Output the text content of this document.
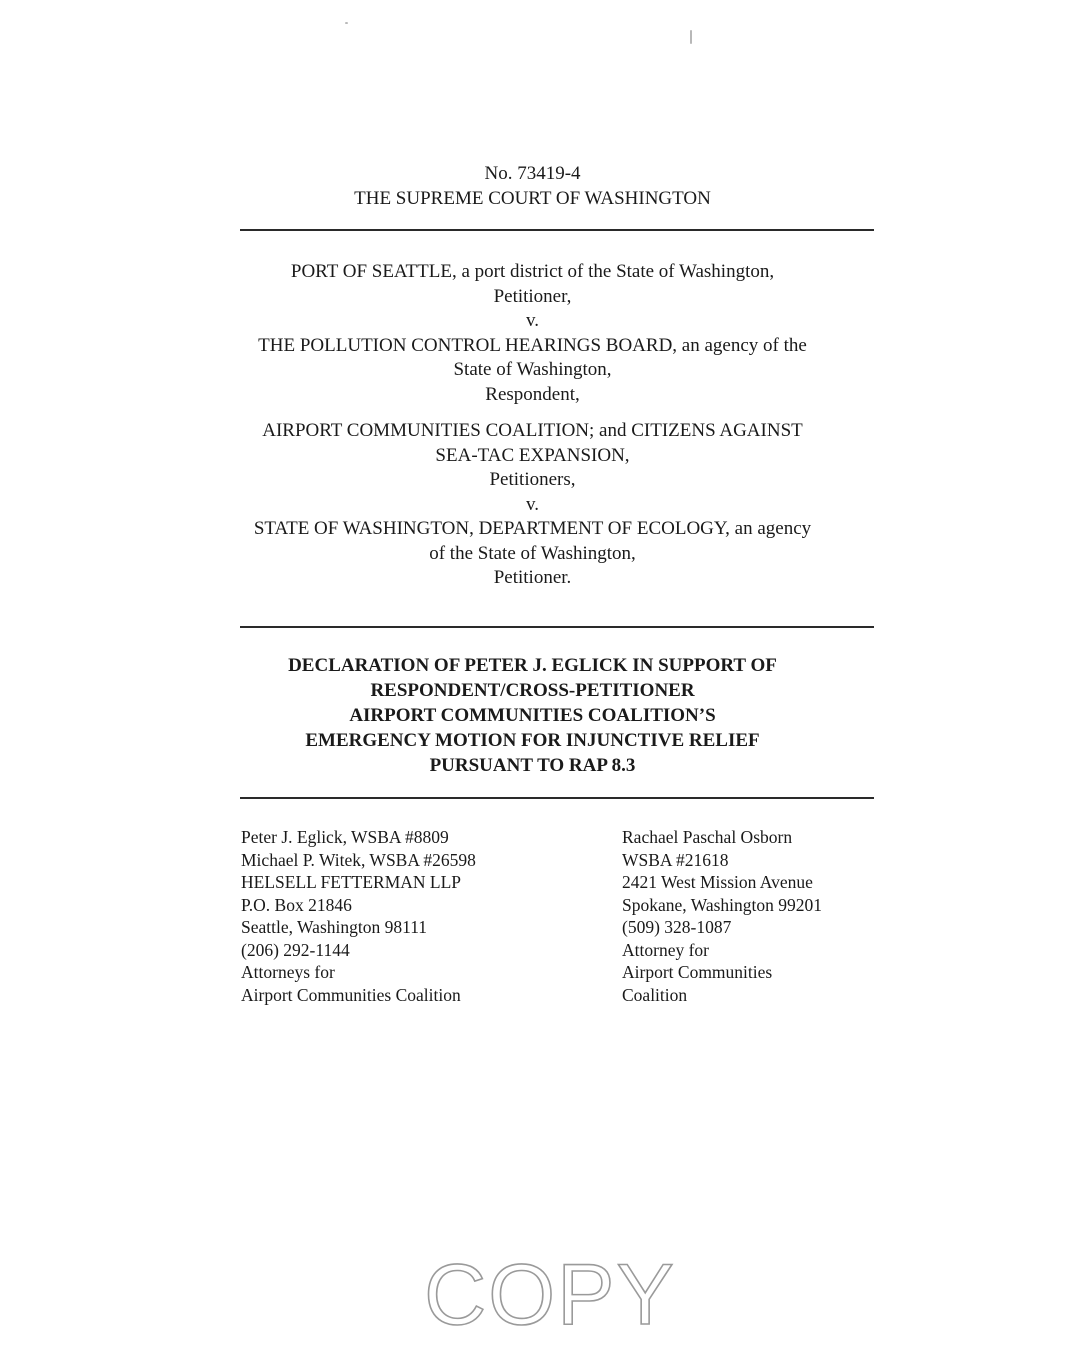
No. 73419-4
THE SUPREME COURT OF WASHINGTON
PORT OF SEATTLE, a port district of the State of Washington,
Petitioner,
v.
THE POLLUTION CONTROL HEARINGS BOARD, an agency of the
State of Washington,
Respondent,
AIRPORT COMMUNITIES COALITION; and CITIZENS AGAINST
SEA-TAC EXPANSION,
Petitioners,
v.
STATE OF WASHINGTON, DEPARTMENT OF ECOLOGY, an agency
of the State of Washington,
Petitioner.
DECLARATION OF PETER J. EGLICK IN SUPPORT OF
RESPONDENT/CROSS-PETITIONER
AIRPORT COMMUNITIES COALITION’S
EMERGENCY MOTION FOR INJUNCTIVE RELIEF
PURSUANT TO RAP 8.3
Peter J. Eglick, WSBA #8809
Michael P. Witek, WSBA #26598
HELSELL FETTERMAN LLP
P.O. Box 21846
Seattle, Washington 98111
(206) 292-1144
Attorneys for
Airport Communities Coalition
Rachael Paschal Osborn
WSBA #21618
2421 West Mission Avenue
Spokane, Washington 99201
(509) 328-1087
Attorney for
Airport Communities
Coalition
COPY
